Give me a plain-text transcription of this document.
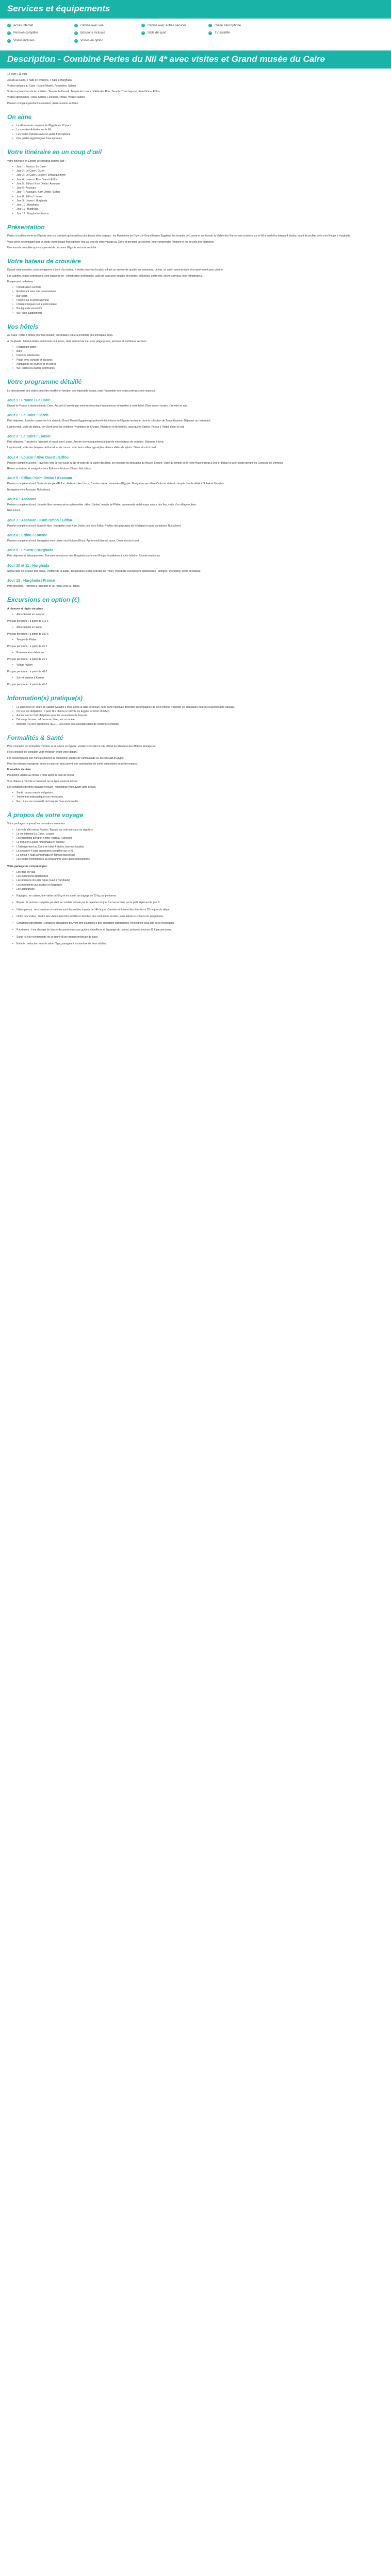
Services et équipements
✓ Accès internet	✓ Cabine avec vue	✓ Cabine avec autres services	✓ Guide francophone
✓ Pension complète	✓ Boissons incluses	✓ Salle de sport	✓ TV satellite
✓ Visites incluses	✓ Visites en option
Description - Combiné Perles du Nil 4* avec visites et Grand musée du Caire

12 jours / 11 nuits

3 nuits au Caire, 4 nuits en croisière, 4 nuits à Hurghada

Visites incluses au Caire : Grand Musée, Pyramides, Sphinx

Visites incluses lors de la croisière : Temple de Karnak, Temple de Louxor, Vallée des Rois, Temple d'Hatchepsout, Kom Ombo, Edfou

Visites optionnelles : Abou Simbel, Felouque, Philae, Village Nubien

Pension complète pendant la croisière, demi-pension au Caire

On aime
• La découverte complète de l'Égypte en 12 jours
• La croisière 4 étoiles sur le Nil
• Les visites incluses avec un guide francophone
• Des guides égyptologues francophones
Votre itinéraire en un coup d'œil

Votre itinéraire en Égypte se construit comme suit :

• Jour 1 : France / Le Caire
• Jour 2 : Le Caire / Gizeh
• Jour 3 : Le Caire / Louxor / Embarquement
• Jour 4 : Louxor / Rive Ouest / Edfou
• Jour 5 : Edfou / Kom Ombo / Assouan
• Jour 6 : Assouan
• Jour 7 : Assouan / Kom Ombo / Edfou
• Jour 8 : Edfou / Louxor
• Jour 9 : Louxor / Hurghada
• Jour 10 : Hurghada
• Jour 11 : Hurghada
• Jour 12 : Hurghada / France
Présentation

Partez à la découverte de l'Égypte avec ce combiné qui réunit les plus beaux sites du pays : les Pyramides de Gizeh, le Grand Musée Égyptien, les temples de Louxor et de Karnak, la Vallée des Rois et une croisière sur le Nil à bord d'un bateau 4 étoiles, avant de profiter de la mer Rouge à Hurghada.

Vous serez accompagné par un guide égyptologue francophone tout au long de votre voyage au Caire et pendant la croisière, pour comprendre l'histoire et les secrets des pharaons.

Une formule complète qui vous permet de découvrir l'Égypte en toute sérénité.

Votre bateau de croisière

Durant votre croisière, vous naviguerez à bord d'un bateau 4 étoiles (normes locales) offrant un service de qualité, un restaurant, un bar, un salon panoramique et un pont-soleil avec piscine.

Les cabines, toutes extérieures, sont équipées de : climatisation individuelle, salle de bain avec douche et toilettes, télévision, coffre-fort, sèche-cheveux, mini-réfrigérateur.

Équipement du bateau :

• Climatisation centrale
• Restaurant avec vue panoramique
• Bar-salon
• Piscine sur le pont supérieur
• Chaises longues sur le pont solaire
• Boutique de souvenirs
• Wi-Fi (en supplément)
Vos hôtels

Au Caire : hôtel 4 étoiles (normes locales) ou similaire, situé à proximité des principaux sites.

À Hurghada : hôtel 4 étoiles en formule tout inclus, situé en bord de mer avec plage privée, piscines et nombreux services.

• Restaurant buffet
• Bars
• Piscines extérieures
• Plage avec transats et parasols
• Animations en journée et en soirée
• Wi-Fi dans les parties communes
Votre programme détaillé

Le déroulement des visites peut être modifié en fonction des impératifs locaux, mais l'ensemble des visites prévues sera respecté.

Jour 1 : France / Le Caire

Départ de France à destination du Caire. Accueil à l'arrivée par notre représentant francophone et transfert à votre hôtel. Dîner (selon horaire d'arrivée) et nuit.

Jour 2 : Le Caire / Gizeh

Petit déjeuner. Journée consacrée à la visite du Grand Musée Égyptien qui présente les trésors de l'Égypte ancienne, dont la collection de Toutankhamon. Déjeuner au restaurant.

L'après-midi, visite du plateau de Gizeh avec les célèbres Pyramides de Khéops, Khéphren et Mykérinos, ainsi que le Sphinx. Retour à l'hôtel, dîner et nuit.

Jour 3 : Le Caire / Louxor

Petit déjeuner. Transfert à l'aéroport et envol pour Louxor. Arrivée et embarquement à bord de votre bateau de croisière. Déjeuner à bord.

L'après-midi, visite des temples de Karnak et de Louxor, avec leurs salles hypostyles et leurs allées de sphinx. Dîner et nuit à bord.

Jour 4 : Louxor / Rive Ouest / Edfou

Pension complète à bord. Traversée vers la rive ouest du Nil et visite de la Vallée des Rois, où reposent les pharaons du Nouvel Empire. Visite du temple de la reine Hatchepsout à Deir el-Bahari et arrêt photo devant les Colosses de Memnon.

Retour au bateau et navigation vers Edfou via l'écluse d'Esna. Nuit à bord.

Jour 5 : Edfou / Kom Ombo / Assouan

Pension complète à bord. Visite du temple d'Edfou, dédié au dieu Horus, l'un des mieux conservés d'Égypte. Navigation vers Kom Ombo et visite du temple double dédié à Sobek et Haroéris.

Navigation vers Assouan. Nuit à bord.

Jour 6 : Assouan

Pension complète à bord. Journée libre ou excursions optionnelles : Abou Simbel, temple de Philae, promenade en felouque autour des îles, visite d'un village nubien.

Nuit à bord.

Jour 7 : Assouan / Kom Ombo / Edfou

Pension complète à bord. Matinée libre. Navigation vers Kom Ombo puis vers Edfou. Profitez des paysages du Nil depuis le pont du bateau. Nuit à bord.

Jour 8 : Edfou / Louxor

Pension complète à bord. Navigation vers Louxor via l'écluse d'Esna. Après-midi libre à Louxor. Dîner et nuit à bord.

Jour 9 : Louxor / Hurghada

Petit déjeuner et débarquement. Transfert en autocar vers Hurghada sur la mer Rouge. Installation à votre hôtel en formule tout inclus.

Jour 10 et 11 : Hurghada

Séjour libre en formule tout inclus. Profitez de la plage, des piscines et des activités de l'hôtel. Possibilité d'excursions optionnelles : plongée, snorkeling, sortie en bateau.

Jour 12 : Hurghada / France

Petit déjeuner. Transfert à l'aéroport et vol retour vers la France.

Excursions en option (€)

À réserver et régler sur place :

• Abou Simbel en autocar

Prix par personne : à partir de 110 €

• Abou Simbel en avion

Prix par personne : à partir de 350 €

• Temple de Philae

Prix par personne : à partir de 45 €

• Promenade en felouque

Prix par personne : à partir de 25 €

• Village nubien

Prix par personne : à partir de 40 €

• Son et lumière à Karnak

Prix par personne : à partir de 45 €

Information(s) pratique(s)
• Le passeport en cours de validité (valable 6 mois après la date de retour) ou la carte nationale d'identité accompagnée de deux photos d'identité est obligatoire pour les ressortissants français.
• Un visa est obligatoire : il peut être obtenu à l'arrivée en Égypte (environ 25 USD).
• Aucun vaccin n'est obligatoire pour les ressortissants français.
• Décalage horaire : +1 heure en hiver, aucun en été.
• Monnaie : la livre égyptienne (EGP). Les euros sont acceptés dans de nombreux endroits.
Formalités & Santé

Pour connaître les formalités d'entrée et de séjour en Égypte, veuillez consulter le site officiel du Ministère des Affaires étrangères.

Il est conseillé de consulter votre médecin avant votre départ.

Les ressortissants non français doivent se renseigner auprès de l'ambassade ou du consulat d'Égypte.

Pour les mineurs voyageant seuls ou avec un seul parent, une autorisation de sortie du territoire peut être requise.

Formalités d'entrée

Passeport valable au moins 6 mois après la date de retour.

Visa obtenu à l'arrivée à l'aéroport ou en ligne avant le départ.

Les conditions d'entrée peuvent évoluer : renseignez-vous avant votre départ.

• Santé : aucun vaccin obligatoire.
• Traitement antipaludique non nécessaire.
• Eau : il est recommandé de boire de l'eau en bouteille.
À propos de votre voyage

Votre package comprend les prestations suivantes :

• Les vols aller-retour France / Égypte sur vols spéciaux ou réguliers
• Le vol intérieur Le Caire / Louxor
• Les transferts aéroport / hôtel / bateau / aéroport
• Le transfert Louxor / Hurghada en autocar
• L'hébergement au Caire en hôtel 4 étoiles (normes locales)
• La croisière 4 nuits en pension complète sur le Nil
• Le séjour 4 nuits à Hurghada en formule tout inclus
• Les visites mentionnées au programme avec guide francophone

Votre package ne comprend pas :

• Les frais de visa
• Les excursions optionnelles
• Les boissons lors des repas (sauf à Hurghada)
• Les pourboires aux guides et équipages
• Les assurances
• Bagages : en cabine, une valise de 5 kg et en soute, un bagage de 20 kg par personne.
• Repas : la pension complète pendant la croisière débute par le déjeuner du jour 3 et se termine par le petit déjeuner du jour 9.
• Hébergement : les chambres et cabines sont disponibles à partir de 14h le jour d'arrivée et doivent être libérées à 12h le jour du départ.
• Ordre des visites : l'ordre des visites peut être modifié en fonction des contraintes locales, sans altérer le contenu du programme.
• Conditions spécifiques : certaines prestations peuvent être soumises à des conditions particulières, renseignez-vous lors de la réservation.
• Pourboires : il est d'usage de laisser des pourboires aux guides, chauffeurs et équipage du bateau, prévoyez environ 35 € par personne.
• Santé : il est recommandé de se munir d'une trousse médicale de base.
• Enfants : réduction enfants selon l'âge, partageant la chambre de deux adultes.
